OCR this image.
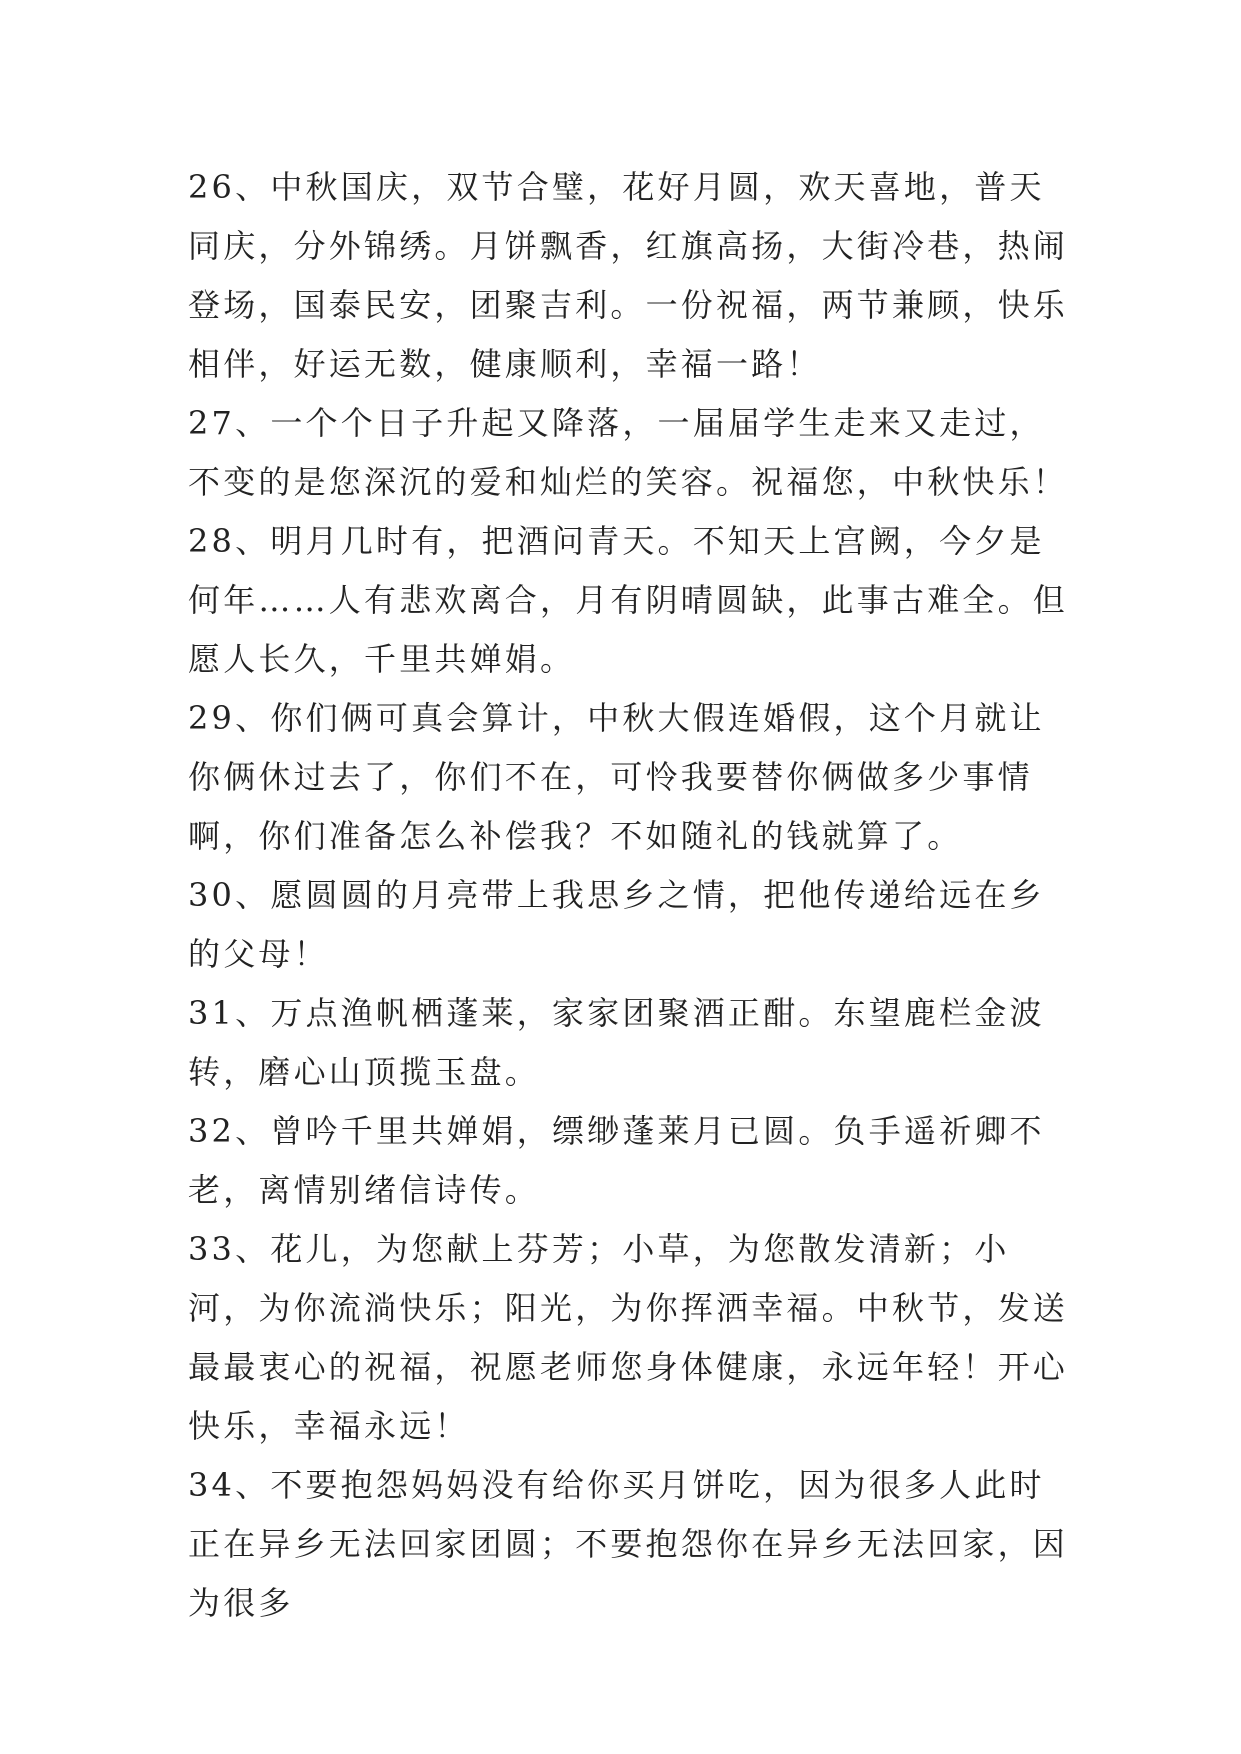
26、中秋国庆，双节合璧，花好月圆，欢天喜地，普天同庆，分外锦绣。月饼飘香，红旗高扬，大街冷巷，热闹登场，国泰民安，团聚吉利。一份祝福，两节兼顾，快乐相伴，好运无数，健康顺利，幸福一路！

27、一个个日子升起又降落，一届届学生走来又走过，不变的是您深沉的爱和灿烂的笑容。祝福您，中秋快乐！

28、明月几时有，把酒问青天。不知天上宫阙，今夕是何年……人有悲欢离合，月有阴晴圆缺，此事古难全。但愿人长久，千里共婵娟。

29、你们俩可真会算计，中秋大假连婚假，这个月就让你俩休过去了，你们不在，可怜我要替你俩做多少事情啊，你们准备怎么补偿我？不如随礼的钱就算了。

30、愿圆圆的月亮带上我思乡之情，把他传递给远在乡的父母！

31、万点渔帆栖蓬莱，家家团聚酒正酣。东望鹿栏金波转，磨心山顶揽玉盘。

32、曾吟千里共婵娟，缥缈蓬莱月已圆。负手遥祈卿不老，离情别绪信诗传。

33、花儿，为您献上芬芳；小草，为您散发清新；小河，为你流淌快乐；阳光，为你挥洒幸福。中秋节，发送最最衷心的祝福，祝愿老师您身体健康，永远年轻！开心快乐，幸福永远！

34、不要抱怨妈妈没有给你买月饼吃，因为很多人此时正在异乡无法回家团圆；不要抱怨你在异乡无法回家，因为很多
